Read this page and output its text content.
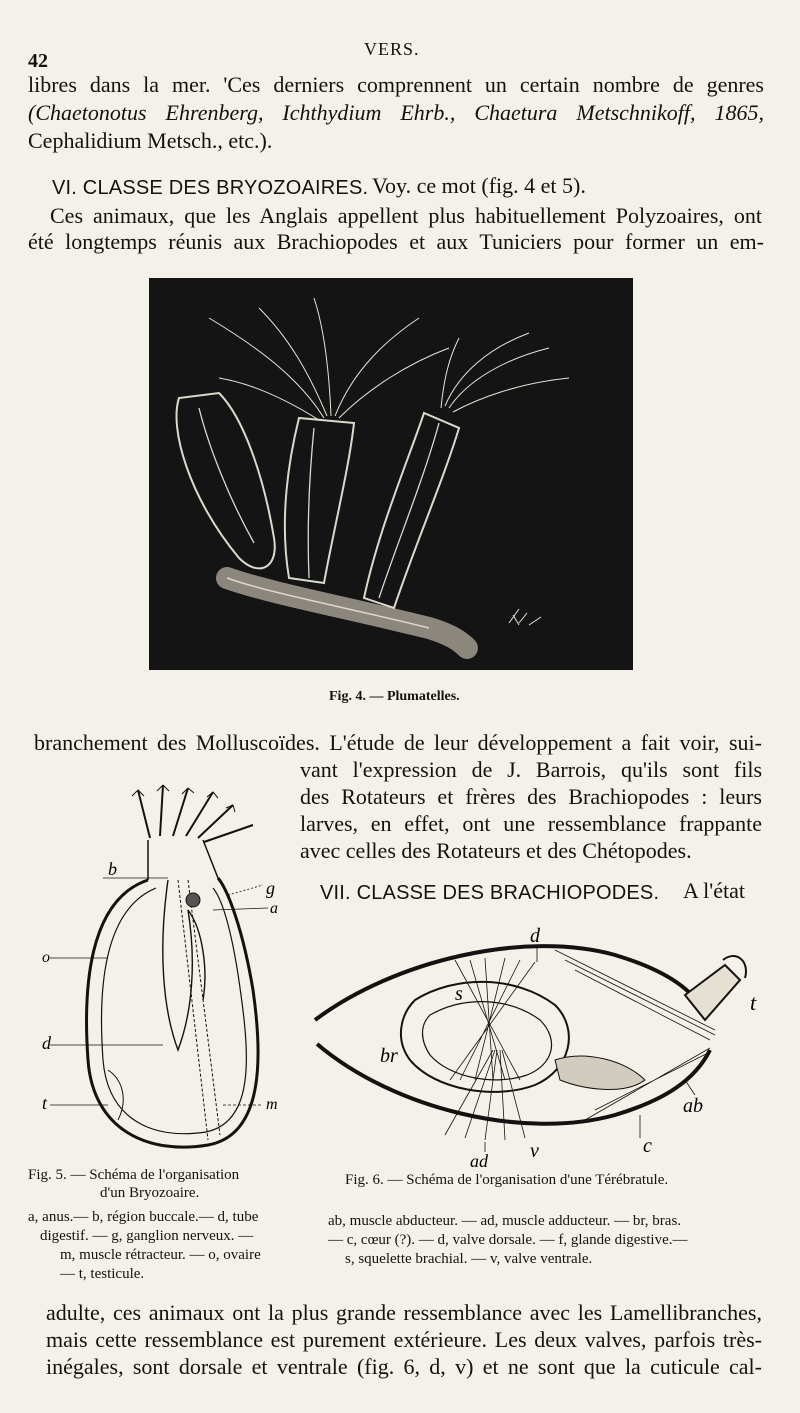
42
VERS.
libres dans la mer. 'Ces derniers comprennent un certain nombre de genres
(Chaetonotus Ehrenberg, Ichthydium Ehrb., Chaetura Metschnikoff, 1865,
Cephalidium Metsch., etc.).
VI. CLASSE DES BRYOZOAIRES. Voy. ce mot (fig. 4 et 5).
Ces animaux, que les Anglais appellent plus habituellement Polyzoaires, ont
été longtemps réunis aux Brachiopodes et aux Tuniciers pour former un em-
Fig. 4. — Plumatelles.
branchement des Molluscoïdes. L'étude de leur développement a fait voir, sui-
vant l'expression de J. Barrois, qu'ils sont fils
des Rotateurs et frères des Brachiopodes : leurs
larves, en effet, ont une ressemblance frappante
avec celles des Rotateurs et des Chétopodes.
VII. CLASSE DES BRACHIOPODES. A l'état
b
g
a
o
d
t	m
Fig. 5. — Schéma de l'organisation
d'un Bryozoaire.
a, anus.— b, région buccale.— d, tube
digestif. — g, ganglion nerveux. —
m, muscle rétracteur. — o, ovaire
— t, testicule.
d
s	t
br
ab
c
ad v
Fig. 6. — Schéma de l'organisation d'une Térébratule.
ab, muscle abducteur. — ad, muscle adducteur. — br, bras.
— c, cœur (?). — d, valve dorsale. — f, glande digestive.—
s, squelette brachial. — v, valve ventrale.
adulte, ces animaux ont la plus grande ressemblance avec les Lamellibranches,
mais cette ressemblance est purement extérieure. Les deux valves, parfois très-
inégales, sont dorsale et ventrale (fig. 6, d, v) et ne sont que la cuticule cal-
